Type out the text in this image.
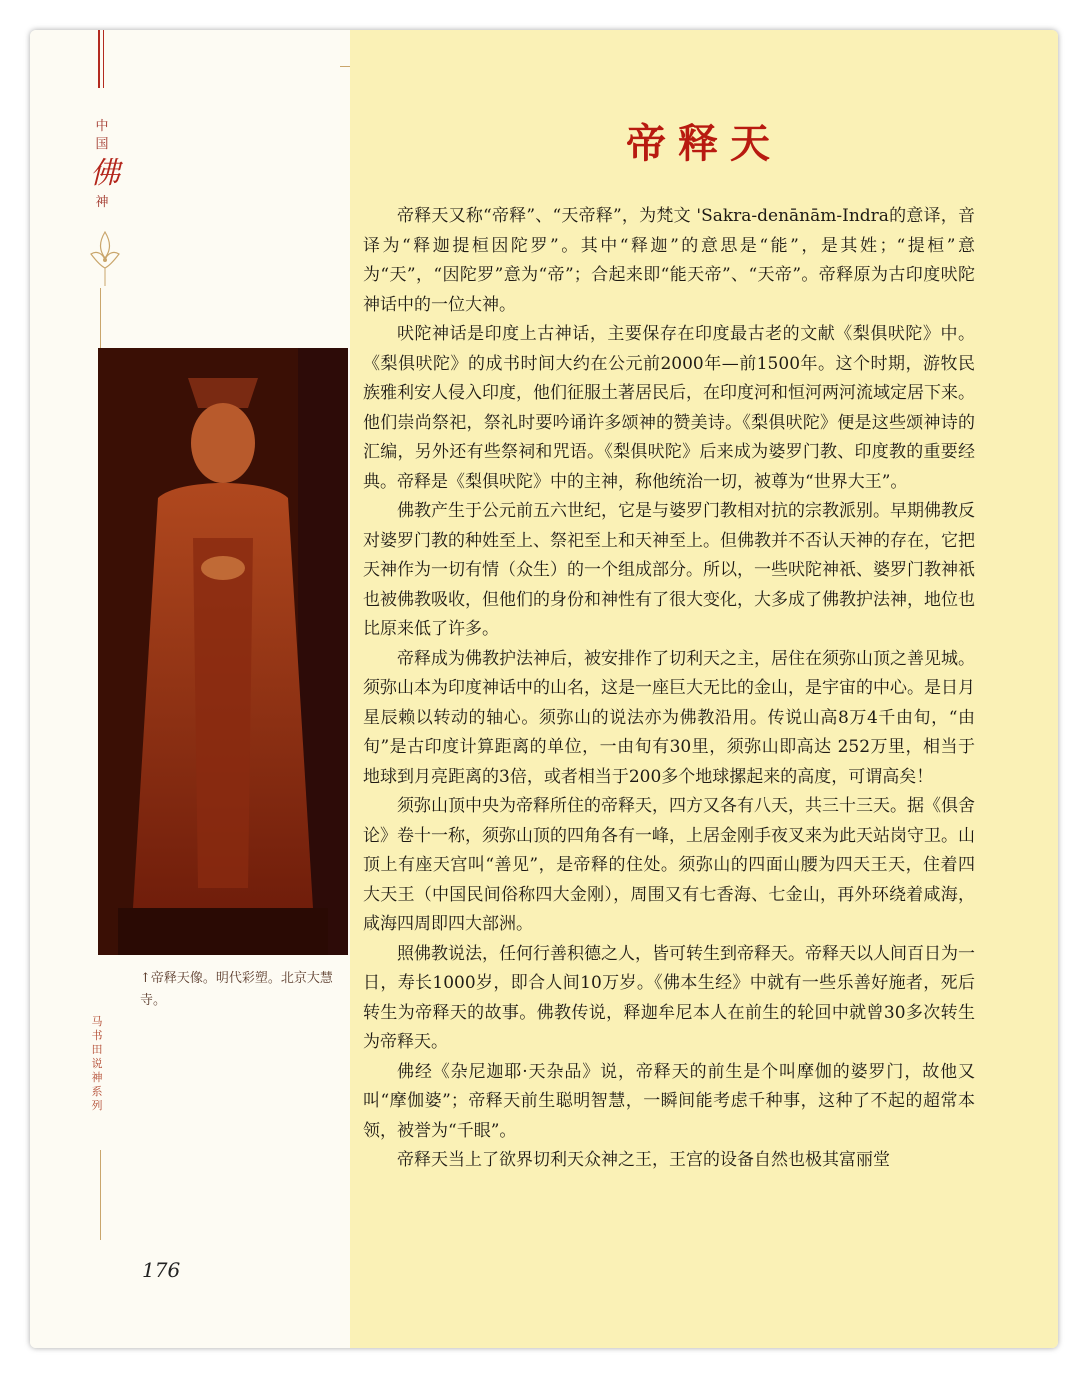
中
国
佛
神
↑帝释天像。明代彩塑。北京大慧寺。
马
书
田
说
神
系
列
176
帝释天

帝释天又称“帝释”、“天帝释”，为梵文 'Sakra-denānām-Indra的意译，音译为“释迦提桓因陀罗”。其中“释迦”的意思是“能”，是其姓；“提桓”意为“天”，“因陀罗”意为“帝”；合起来即“能天帝”、“天帝”。帝释原为古印度吠陀神话中的一位大神。

吠陀神话是印度上古神话，主要保存在印度最古老的文献《梨俱吠陀》中。《梨俱吠陀》的成书时间大约在公元前2000年—前1500年。这个时期，游牧民族雅利安人侵入印度，他们征服土著居民后，在印度河和恒河两河流域定居下来。他们崇尚祭祀，祭礼时要吟诵许多颂神的赞美诗。《梨俱吠陀》便是这些颂神诗的汇编，另外还有些祭祠和咒语。《梨俱吠陀》后来成为婆罗门教、印度教的重要经典。帝释是《梨俱吠陀》中的主神，称他统治一切，被尊为“世界大王”。

佛教产生于公元前五六世纪，它是与婆罗门教相对抗的宗教派别。早期佛教反对婆罗门教的种姓至上、祭祀至上和天神至上。但佛教并不否认天神的存在，它把天神作为一切有情（众生）的一个组成部分。所以，一些吠陀神祇、婆罗门教神祇也被佛教吸收，但他们的身份和神性有了很大变化，大多成了佛教护法神，地位也比原来低了许多。

帝释成为佛教护法神后，被安排作了切利天之主，居住在须弥山顶之善见城。须弥山本为印度神话中的山名，这是一座巨大无比的金山，是宇宙的中心。是日月星辰赖以转动的轴心。须弥山的说法亦为佛教沿用。传说山高8万4千由旬，“由旬”是古印度计算距离的单位，一由旬有30里，须弥山即高达 252万里，相当于地球到月亮距离的3倍，或者相当于200多个地球摞起来的高度，可谓高矣！

须弥山顶中央为帝释所住的帝释天，四方又各有八天，共三十三天。据《俱舍论》卷十一称，须弥山顶的四角各有一峰，上居金刚手夜叉来为此天站岗守卫。山顶上有座天宫叫“善见”，是帝释的住处。须弥山的四面山腰为四天王天，住着四大天王（中国民间俗称四大金刚），周围又有七香海、七金山，再外环绕着咸海，咸海四周即四大部洲。

照佛教说法，任何行善积德之人，皆可转生到帝释天。帝释天以人间百日为一日，寿长1000岁，即合人间10万岁。《佛本生经》中就有一些乐善好施者，死后转生为帝释天的故事。佛教传说，释迦牟尼本人在前生的轮回中就曾30多次转生为帝释天。

佛经《杂尼迦耶·天杂品》说，帝释天的前生是个叫摩伽的婆罗门，故他又叫“摩伽婆”；帝释天前生聪明智慧，一瞬间能考虑千种事，这种了不起的超常本领，被誉为“千眼”。

帝释天当上了欲界切利天众神之王，王宫的设备自然也极其富丽堂
